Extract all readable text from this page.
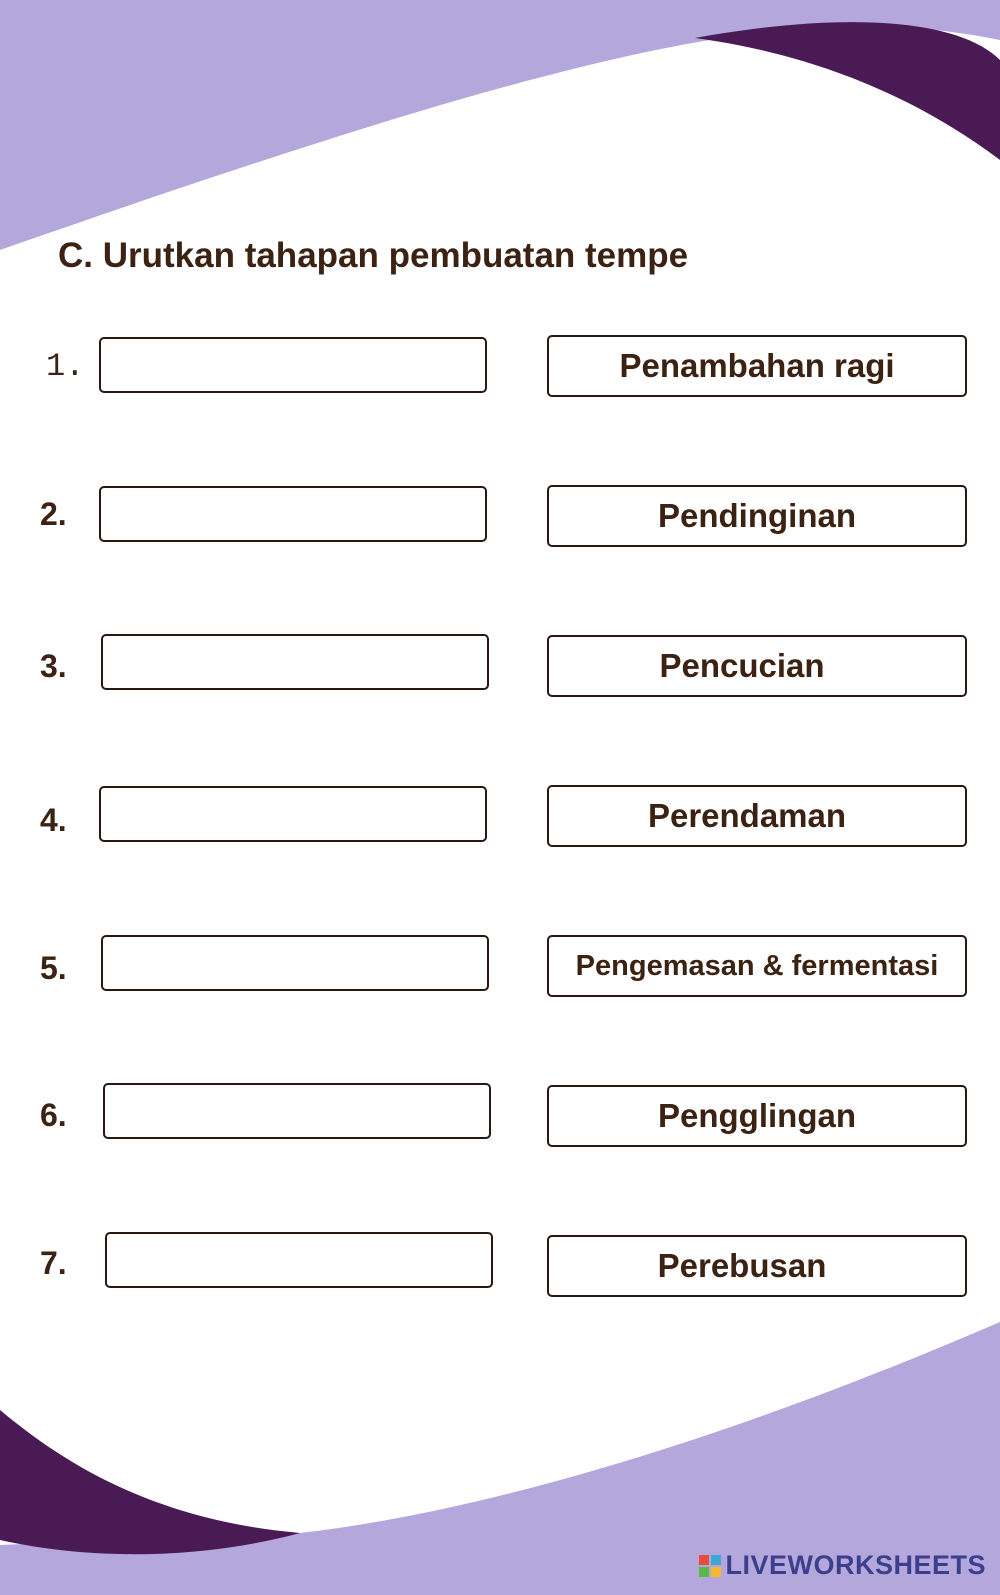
C. Urutkan tahapan pembuatan tempe
1.	Penambahan ragi
2.	Pendinginan
3.	Pencucian
4.	Perendaman
5.	Pengemasan & fermentasi
6.	Pengglingan
7.	Perebusan
LIVEWORKSHEETS
